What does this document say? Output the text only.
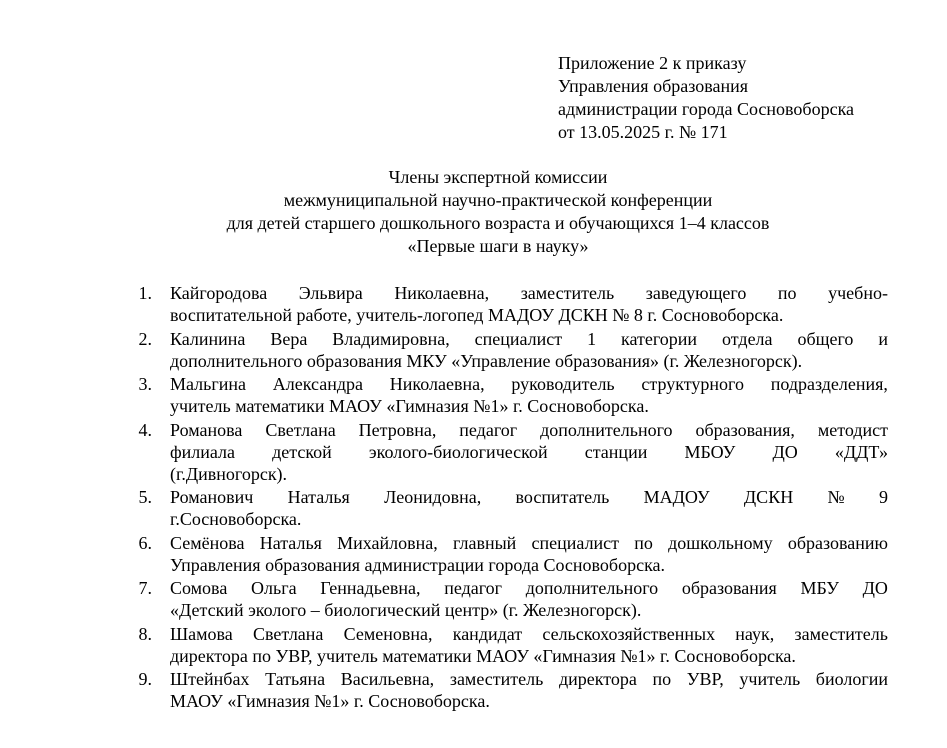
Приложение 2 к приказу
Управления образования
администрации города Сосновоборска
от 13.05.2025 г. № 171
Члены экспертной комиссии
межмуниципальной научно-практической конференции
для детей старшего дошкольного возраста и обучающихся 1–4 классов
«Первые шаги в науку»
1. Кайгородова Эльвира Николаевна, заместитель заведующего по учебно-
воспитательной работе, учитель-логопед МАДОУ ДСКН № 8 г. Сосновоборска.
2. Калинина Вера Владимировна, специалист 1 категории отдела общего и
дополнительного образования МКУ «Управление образования» (г. Железногорск).
3. Мальгина Александра Николаевна, руководитель структурного подразделения,
учитель математики МАОУ «Гимназия №1» г. Сосновоборска.
4. Романова Светлана Петровна, педагог дополнительного образования, методист
филиала детской эколого-биологической станции МБОУ ДО «ДДТ»
(г.Дивногорск).
5. Романович Наталья Леонидовна, воспитатель МАДОУ ДСКН № 9
г.Сосновоборска.
6. Семёнова Наталья Михайловна, главный специалист по дошкольному образованию
Управления образования администрации города Сосновоборска.
7. Сомова Ольга Геннадьевна, педагог дополнительного образования МБУ ДО
«Детский эколого – биологический центр» (г. Железногорск).
8. Шамова Светлана Семеновна, кандидат сельскохозяйственных наук, заместитель
директора по УВР, учитель математики МАОУ «Гимназия №1» г. Сосновоборска.
9. Штейнбах Татьяна Васильевна, заместитель директора по УВР, учитель биологии
МАОУ «Гимназия №1» г. Сосновоборска.
